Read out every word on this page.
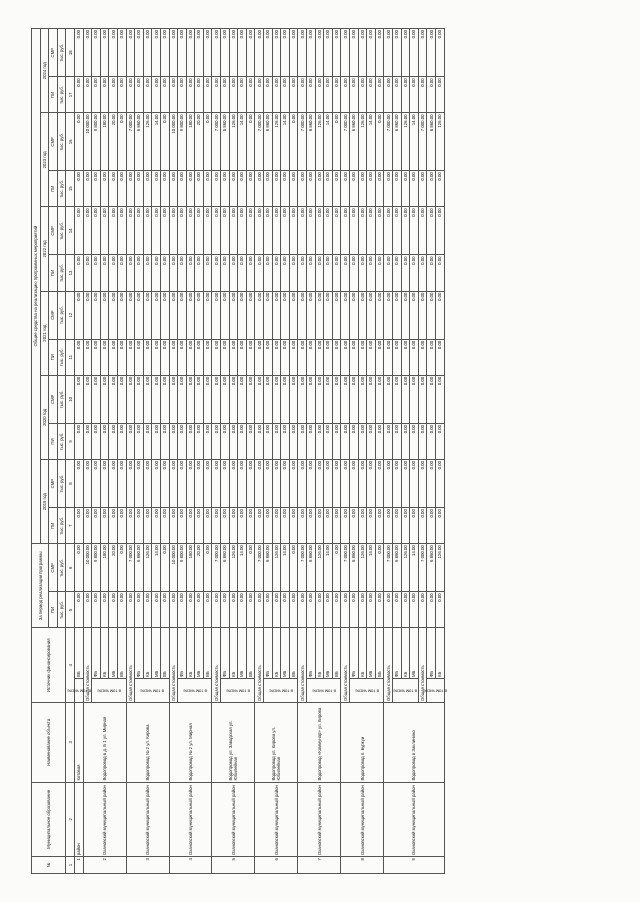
№	Муниципальное образование	Наименование объекта	Источник финансирования		За период реализации программы		Общие средства на реализацию программных мероприятий											
							2019 год		2020 год		2021 год		2022 год		2023 год		2024 год	
					ПИ	СМР	ПИ	СМР	ПИ	СМР	ПИ	СМР	ПИ	СМР	ПИ	СМР	ПИ	СМР
					тыс. руб.	тыс. руб.	тыс. руб.	тыс. руб.	тыс. руб.	тыс. руб.	тыс. руб.	тыс. руб.	тыс. руб.	тыс. руб.	тыс. руб.	тыс. руб.	тыс. руб.	тыс. руб.
1	2	3	4		5	6	7	8	9	10	11	12	13	14	15	16	17	18
1	район	Котовая	в том числе	ВБ	0.00	0.00	0.00	0.00	0.00	0.00	0.00	0.00	0.00	0.00	0.00	0.00	0.00	0.00
2	Охановский муниципальный район	Водопровод в д. Б 1 ул. Мирная	Общая стоимость		0.00	10 000.00	0.00	0.00	0.00	0.00	0.00	0.00	0.00	0.00	0.00	10 000.00	0.00	0.00

			в том числе	ФБ	0.00	9 800.00	0.00	0.00	0.00	0.00	0.00	0.00	0.00	0.00	0.00	9 800.00	0.00	0.00
				КБ	0.00	180.00	0.00	0.00	0.00	0.00	0.00	0.00	0.00	0.00	0.00	180.00	0.00	0.00
				МБ	0.00	20.00	0.00	0.00	0.00	0.00	0.00	0.00	0.00	0.00	0.00	20.00	0.00	0.00
				ВБ	0.00	0.00	0.00	0.00	0.00	0.00	0.00	0.00	0.00	0.00	0.00	0.00	0.00	0.00
3	Охановский муниципальный район	Водопровод № 2 ул. Кирова	Общая стоимость		0.00	7 000.00	0.00	0.00	0.00	0.00	0.00	0.00	0.00	0.00	0.00	7 000.00	0.00	0.00

			в том числе	ФБ	0.00	6 860.00	0.00	0.00	0.00	0.00	0.00	0.00	0.00	0.00	0.00	6 860.00	0.00	0.00
				КБ	0.00	126.00	0.00	0.00	0.00	0.00	0.00	0.00	0.00	0.00	0.00	126.00	0.00	0.00
				МБ	0.00	14.00	0.00	0.00	0.00	0.00	0.00	0.00	0.00	0.00	0.00	14.00	0.00	0.00
				ВБ	0.00	0.00	0.00	0.00	0.00	0.00	0.00	0.00	0.00	0.00	0.00	0.00	0.00	0.00
4	Охановский муниципальный район	Водопровод № 2 ул. Мирная	Общая стоимость		0.00	10 000.00	0.00	0.00	0.00	0.00	0.00	0.00	0.00	0.00	0.00	10 000.00	0.00	0.00

			в том числе	ФБ	0.00	9 800.00	0.00	0.00	0.00	0.00	0.00	0.00	0.00	0.00	0.00	9 800.00	0.00	0.00
				КБ	0.00	180.00	0.00	0.00	0.00	0.00	0.00	0.00	0.00	0.00	0.00	180.00	0.00	0.00
				МБ	0.00	20.00	0.00	0.00	0.00	0.00	0.00	0.00	0.00	0.00	0.00	20.00	0.00	0.00
				ВБ	0.00	0.00	0.00	0.00	0.00	0.00	0.00	0.00	0.00	0.00	0.00	0.00	0.00	0.00
5	Охановский муниципальный район	Водопровод ул. Заводская ул. Юбилейная	Общая стоимость		0.00	7 000.00	0.00	0.00	0.00	0.00	0.00	0.00	0.00	0.00	0.00	7 000.00	0.00	0.00

			в том числе	ФБ	0.00	6 860.00	0.00	0.00	0.00	0.00	0.00	0.00	0.00	0.00	0.00	6 860.00	0.00	0.00
				КБ	0.00	126.00	0.00	0.00	0.00	0.00	0.00	0.00	0.00	0.00	0.00	126.00	0.00	0.00
				МБ	0.00	14.00	0.00	0.00	0.00	0.00	0.00	0.00	0.00	0.00	0.00	14.00	0.00	0.00
				ВБ	0.00	0.00	0.00	0.00	0.00	0.00	0.00	0.00	0.00	0.00	0.00	0.00	0.00	0.00
6	Охановский муниципальный район	Водопровод ул. Кирова ул. Юбилейная	Общая стоимость		0.00	7 000.00	0.00	0.00	0.00	0.00	0.00	0.00	0.00	0.00	0.00	7 000.00	0.00	0.00

			в том числе	ФБ	0.00	6 860.00	0.00	0.00	0.00	0.00	0.00	0.00	0.00	0.00	0.00	6 860.00	0.00	0.00
				КБ	0.00	126.00	0.00	0.00	0.00	0.00	0.00	0.00	0.00	0.00	0.00	126.00	0.00	0.00
				МБ	0.00	14.00	0.00	0.00	0.00	0.00	0.00	0.00	0.00	0.00	0.00	14.00	0.00	0.00
				ВБ	0.00	0.00	0.00	0.00	0.00	0.00	0.00	0.00	0.00	0.00	0.00	0.00	0.00	0.00
7	Охановский муниципальный район	Водопровод «Коммунар» ул. Кирова	Общая стоимость		0.00	7 000.00	0.00	0.00	0.00	0.00	0.00	0.00	0.00	0.00	0.00	7 000.00	0.00	0.00

			в том числе	ФБ	0.00	6 860.00	0.00	0.00	0.00	0.00	0.00	0.00	0.00	0.00	0.00	6 860.00	0.00	0.00
				КБ	0.00	126.00	0.00	0.00	0.00	0.00	0.00	0.00	0.00	0.00	0.00	126.00	0.00	0.00
				МБ	0.00	14.00	0.00	0.00	0.00	0.00	0.00	0.00	0.00	0.00	0.00	14.00	0.00	0.00
				ВБ	0.00	0.00	0.00	0.00	0.00	0.00	0.00	0.00	0.00	0.00	0.00	0.00	0.00	0.00
8	Охановский муниципальный район	Водопровод п. Буркуи	Общая стоимость		0.00	7 000.00	0.00	0.00	0.00	0.00	0.00	0.00	0.00	0.00	0.00	7 000.00	0.00	0.00

			в том числе	ФБ	0.00	6 860.00	0.00	0.00	0.00	0.00	0.00	0.00	0.00	0.00	0.00	6 860.00	0.00	0.00
				КБ	0.00	126.00	0.00	0.00	0.00	0.00	0.00	0.00	0.00	0.00	0.00	126.00	0.00	0.00
				МБ	0.00	14.00	0.00	0.00	0.00	0.00	0.00	0.00	0.00	0.00	0.00	14.00	0.00	0.00
				ВБ	0.00	0.00	0.00	0.00	0.00	0.00	0.00	0.00	0.00	0.00	0.00	0.00	0.00	0.00
9	Охановский муниципальный район	Водопровод в Заклинино	Общая стоимость		0.00	7 000.00	0.00	0.00	0.00	0.00	0.00	0.00	0.00	0.00	0.00	7 000.00	0.00	0.00

			в том числе	ФБ	0.00	6 860.00	0.00	0.00	0.00	0.00	0.00	0.00	0.00	0.00	0.00	6 860.00	0.00	0.00
				КБ	0.00	126.00	0.00	0.00	0.00	0.00	0.00	0.00	0.00	0.00	0.00	126.00	0.00	0.00
				МБ	0.00	14.00	0.00	0.00	0.00	0.00	0.00	0.00	0.00	0.00	0.00	14.00	0.00	0.00
			Общая стоимость		0.00	7 000.00	0.00	0.00	0.00	0.00	0.00	0.00	0.00	0.00	0.00	7 000.00	0.00	0.00

			в том числе	ФБ	0.00	6 860.00	0.00	0.00	0.00	0.00	0.00	0.00	0.00	0.00	0.00	6 860.00	0.00	0.00
				КБ	0.00	126.00	0.00	0.00	0.00	0.00	0.00	0.00	0.00	0.00	0.00	126.00	0.00	0.00
